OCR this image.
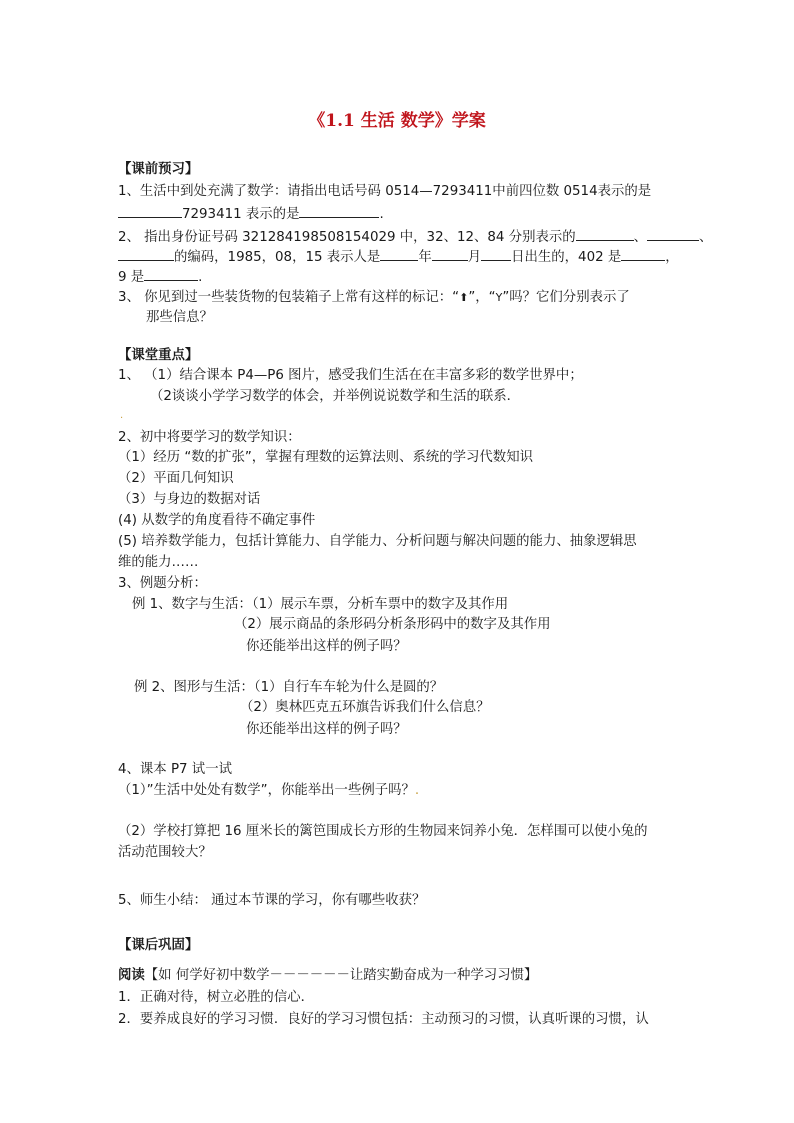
《1.1 生活 数学》学案
【课前预习】
1、生活中到处充满了数学：请指出电话号码 0514—7293411中前四位数 0514表示的是
7293411 表示的是	.
2、 指出身份证号码 321284198508154029 中，32、12、84 分别表示的	、	、
的编码，1985，08，15 表示人是	年	月 日出生的，402 是	，
9 是	.
3、 你见到过一些装货物的包装箱子上常有这样的标记：“⬆”，“Y”吗？它们分别表示了
那些信息？
【课堂重点】
1、 （1）结合课本 P4—P6 图片，感受我们生活在在丰富多彩的数学世界中；
（2谈谈小学学习数学的体会，并举例说说数学和生活的联系．
.
2、初中将要学习的数学知识：
（1）经历 “数的扩张”，掌握有理数的运算法则、系统的学习代数知识
（2）平面几何知识
（3）与身边的数据对话
(4) 从数学的角度看待不确定事件
(5) 培养数学能力，包括计算能力、自学能力、分析问题与解决问题的能力、抽象逻辑思
维的能力……
3、例题分析：
例 1、数字与生活：（1）展示车票，分析车票中的数字及其作用
（2）展示商品的条形码分析条形码中的数字及其作用
你还能举出这样的例子吗？
例 2、图形与生活：（1）自行车车轮为什么是圆的？
（2）奥林匹克五环旗告诉我们什么信息？
你还能举出这样的例子吗？
4、课本 P7 试一试
（1）”生活中处处有数学”，你能举出一些例子吗？.
（2）学校打算把 16 厘米长的篱笆围成长方形的生物园来饲养小兔．怎样围可以使小兔的
活动范围较大？
5、师生小结： 通过本节课的学习，你有哪些收获？
【课后巩固】
阅读【如 何学好初中数学－－－－－－让踏实勤奋成为一种学习习惯】
1．正确对待，树立必胜的信心．
2．要养成良好的学习习惯．良好的学习习惯包括：主动预习的习惯，认真听课的习惯，认
